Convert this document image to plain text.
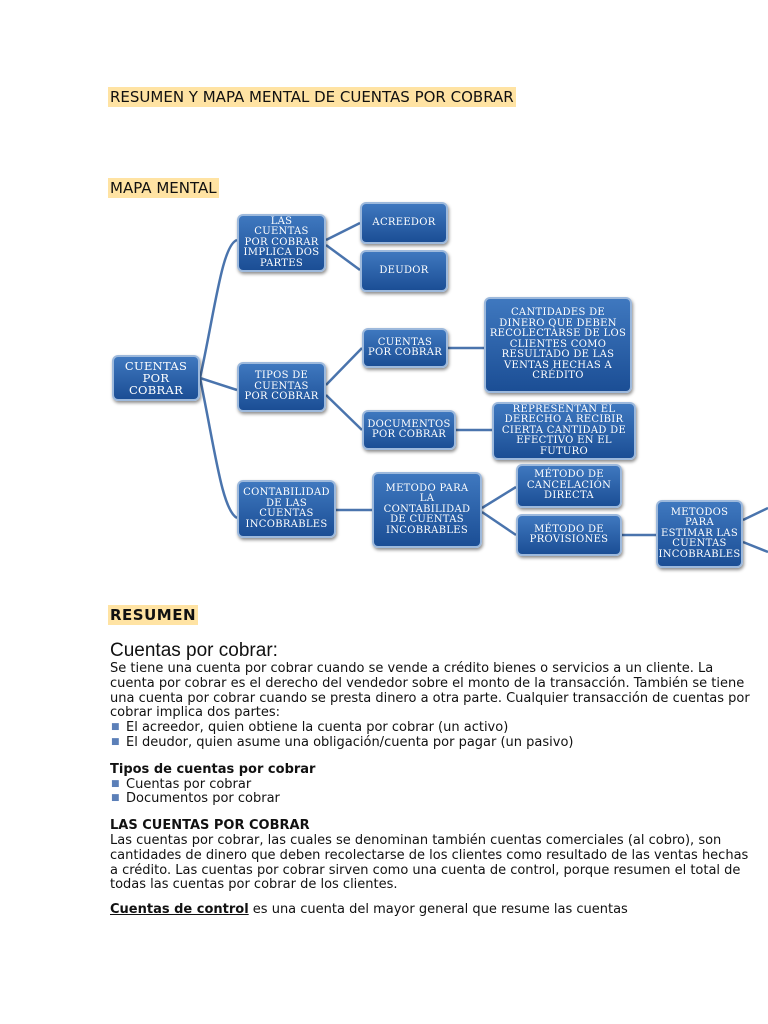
RESUMEN Y MAPA MENTAL DE CUENTAS POR COBRAR
MAPA MENTAL
CUENTAS POR COBRAR
LAS CUENTAS POR COBRAR IMPLICA DOS PARTES
ACREEDOR
DEUDOR
TIPOS DE CUENTAS POR COBRAR
CUENTAS POR COBRAR
CANTIDADES DE DINERO QUE DEBEN RECOLECTARSE DE LOS CLIENTES COMO RESULTADO DE LAS VENTAS HECHAS A CRÉDITO
DOCUMENTOS POR COBRAR
REPRESENTAN EL DERECHO A RECIBIR CIERTA CANTIDAD DE EFECTIVO EN EL FUTURO
CONTABILIDAD DE LAS CUENTAS INCOBRABLES
METODO PARA LA CONTABILIDAD DE CUENTAS INCOBRABLES
MÉTODO DE CANCELACIÓN DIRECTA
MÉTODO DE PROVISIONES
METODOS PARA ESTIMAR LAS CUENTAS INCOBRABLES
RESUMEN
Cuentas por cobrar:

Se tiene una cuenta por cobrar cuando se vende a crédito bienes o servicios a un cliente. La cuenta por cobrar es el derecho del vendedor sobre el monto de la transacción. También se tiene una cuenta por cobrar cuando se presta dinero a otra parte. Cualquier transacción de cuentas por cobrar implica dos partes:

■ El acreedor, quien obtiene la cuenta por cobrar (un activo)
■ El deudor, quien asume una obligación/cuenta por pagar (un pasivo)

Tipos de cuentas por cobrar

■ Cuentas por cobrar
■ Documentos por cobrar

LAS CUENTAS POR COBRAR

Las cuentas por cobrar, las cuales se denominan también cuentas comerciales (al cobro), son cantidades de dinero que deben recolectarse de los clientes como resultado de las ventas hechas a crédito. Las cuentas por cobrar sirven como una cuenta de control, porque resumen el total de todas las cuentas por cobrar de los clientes.

Cuentas de control es una cuenta del mayor general que resume las cuentas
